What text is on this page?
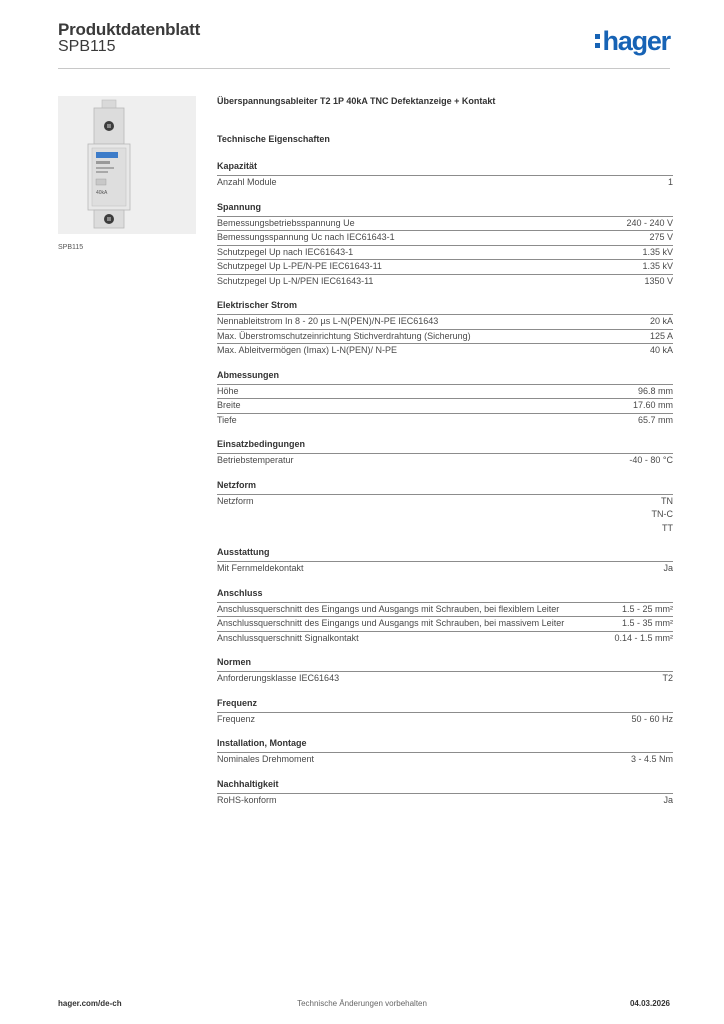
Produktdatenblatt
SPB115	hager
40kA
SPB115
Überspannungsableiter T2 1P 40kA TNC Defektanzeige + Kontakt
Technische Eigenschaften
Kapazität
Anzahl Module	1
Spannung
Bemessungsbetriebsspannung Ue	240 - 240 V
Bemessungsspannung Uc nach IEC61643-1	275 V
Schutzpegel Up nach IEC61643-1	1.35 kV
Schutzpegel Up L-PE/N-PE IEC61643-11	1.35 kV
Schutzpegel Up L-N/PEN IEC61643-11	1350 V
Elektrischer Strom
Nennableitstrom In 8 - 20 µs L-N(PEN)/N-PE IEC61643	20 kA
Max. Überstromschutzeinrichtung Stichverdrahtung (Sicherung)	125 A
Max. Ableitvermögen (Imax) L-N(PEN)/ N-PE	40 kA
Abmessungen
Höhe	96.8 mm
Breite	17.60 mm
Tiefe	65.7 mm
Einsatzbedingungen
Betriebstemperatur	-40 - 80 °C
Netzform
Netzform	TN
TN-C
TT
Ausstattung
Mit Fernmeldekontakt	Ja
Anschluss
Anschlussquerschnitt des Eingangs und Ausgangs mit Schrauben, bei flexiblem Leiter	1.5 - 25 mm²
Anschlussquerschnitt des Eingangs und Ausgangs mit Schrauben, bei massivem Leiter	1.5 - 35 mm²
Anschlussquerschnitt Signalkontakt	0.14 - 1.5 mm²
Normen
Anforderungsklasse IEC61643	T2
Frequenz
Frequenz	50 - 60 Hz
Installation, Montage
Nominales Drehmoment	3 - 4.5 Nm
Nachhaltigkeit
RoHS-konform	Ja
hager.com/de-ch	Technische Änderungen vorbehalten	04.03.2026
